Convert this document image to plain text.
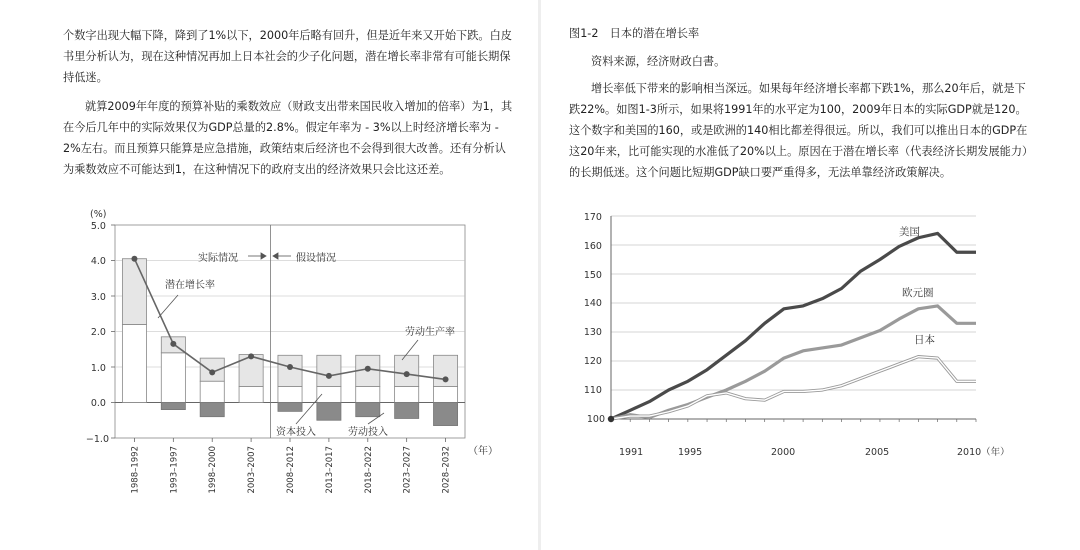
个数字出现大幅下降，降到了1%以下，2000年后略有回升，但是近年来又开始下跌。白皮书里分析认为，现在这种情况再加上日本社会的少子化问题，潜在增长率非常有可能长期保持低迷。

就算2009年年度的预算补贴的乘数效应（财政支出带来国民收入增加的倍率）为1，其在今后几年中的实际效果仅为GDP总量的2.8%。假定年率为 - 3%以上时经济增长率为 - 2%左右。而且预算只能算是应急措施，政策结束后经济也不会得到很大改善。还有分析认为乘数效应不可能达到1，在这种情况下的政府支出的经济效果只会比这还差。

(%)
5.0 4.0 3.0 2.0 1.0 0.0 −1.0
实际情况	假设情况
潜在增长率
劳动生产率
资本投入	劳动投入
（年）
1988–1992	1993–1997	1998–2000	2003–2007	2008–2012	2013–2017	2018–2022	2023–2027	2028–2032
图1-2　日本的潜在增长率
资料来源，经济财政白書。

增长率低下带来的影响相当深远。如果每年经济增长率都下跌1%，那么20年后，就是下跌22%。如图1-3所示，如果将1991年的水平定为100，2009年日本的实际GDP就是120。这个数字和美国的160，或是欧洲的140相比都差得很远。所以，我们可以推出日本的GDP在这20年来，比可能实现的水准低了20%以上。原因在于潜在增长率（代表经济长期发展能力）的长期低迷。这个问题比短期GDP缺口要严重得多，无法单靠经济政策解决。

170 160 150 140 130 120 110 100
1991	1995	2000	2005	2010（年）
美国
欧元圈
日本
